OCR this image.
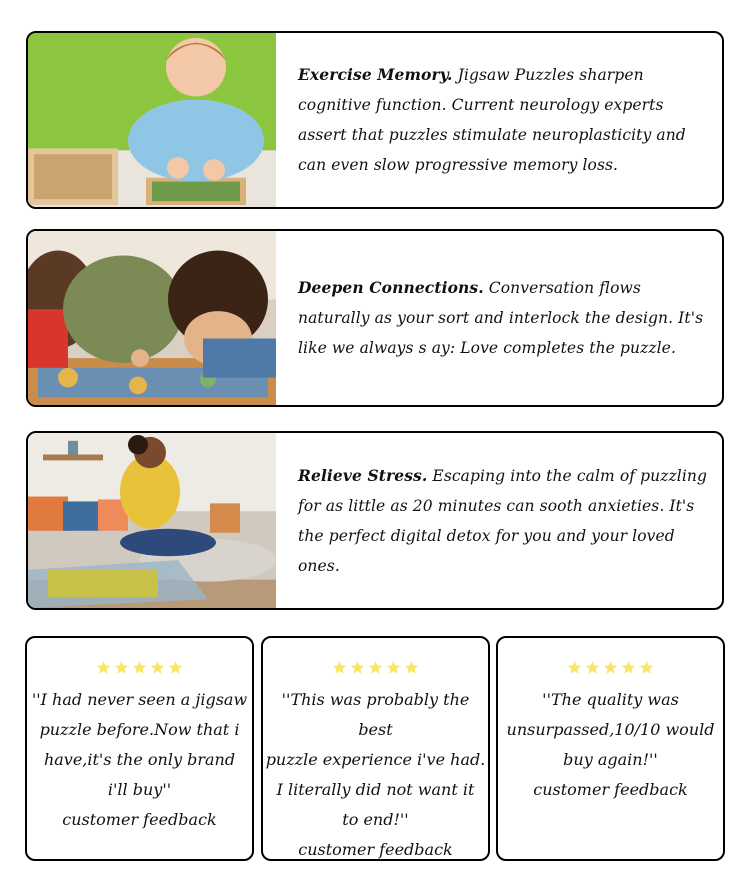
Exercise Memory. Jigsaw Puzzles sharpen cognitive function. Current neurology experts assert that puzzles stimulate neuroplasticity and can even slow progressive memory loss.

Deepen Connections. Conversation flows naturally as your sort and interlock the design. It's like we always s ay: Love completes the puzzle.

Relieve Stress. Escaping into the calm of puzzling for as little as 20 minutes can sooth anxieties. It's the perfect digital detox for you and your loved ones.

''I had never seen a jigsaw
puzzle before.Now that i
have,it's the only brand
i'll buy''
customer feedback
''This was probably the best
puzzle experience i've had.
I literally did not want it
to end!''
customer feedback
''The quality was
unsurpassed,10/10 would
buy again!''
customer feedback
